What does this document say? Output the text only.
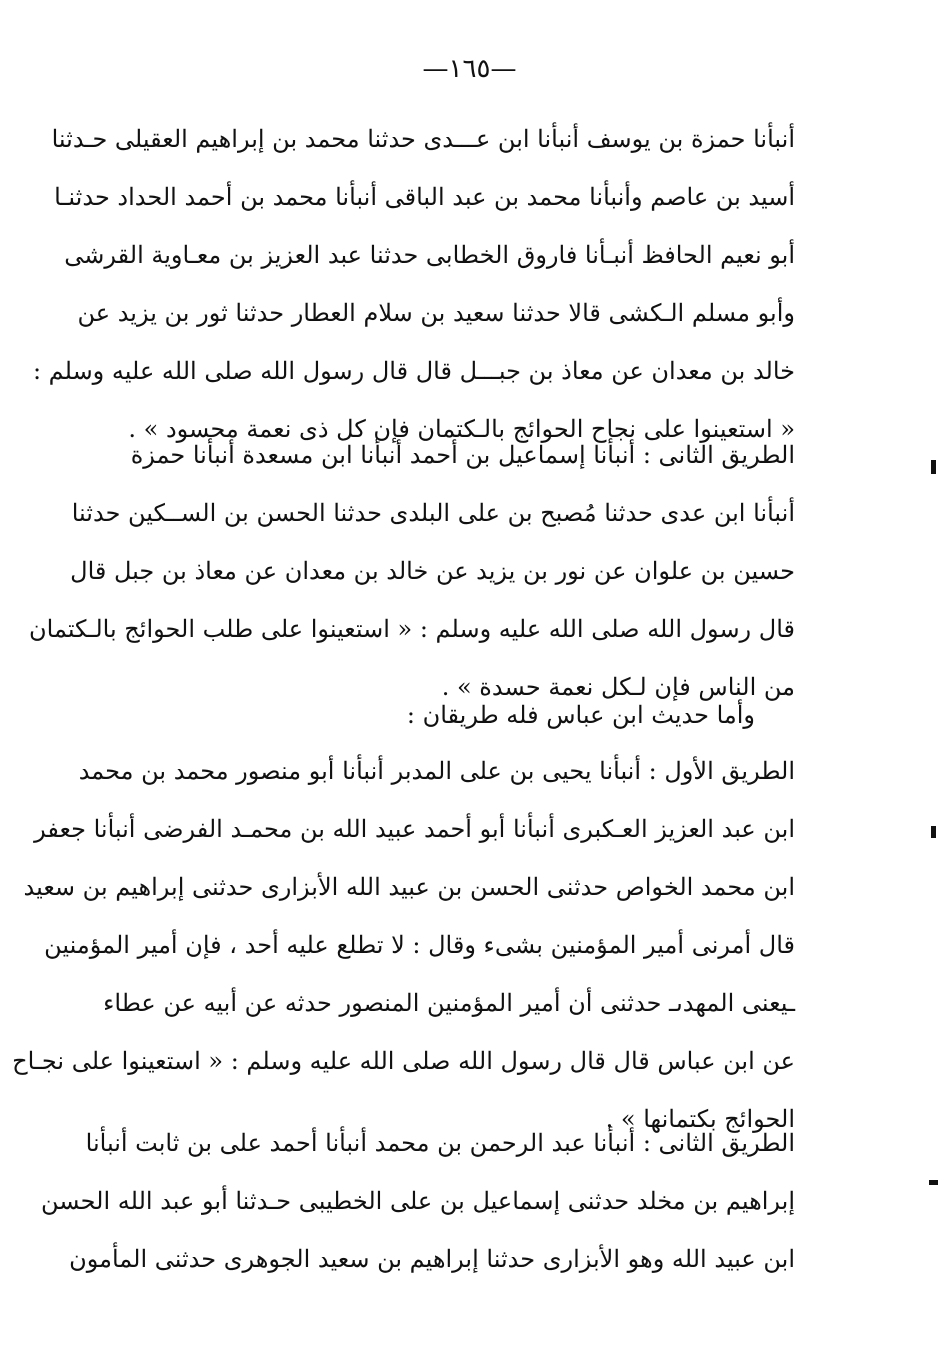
—١٦٥—
أنبأنا حمزة بن يوسف أنبأنا ابن عـــدى حدثنا محمد بن إبراهيم العقيلى حـدثنا
أسيد بن عاصم وأنبأنا محمد بن عبد الباقى أنبأنا محمد بن أحمد الحداد حدثنـا
أبو نعيم الحافظ أنبـأنا فاروق الخطابى حدثنا عبد العزيز بن معـاوية القرشى
وأبو مسلم الـكشى قالا حدثنا سعيد بن سلام العطار حدثنا ثور بن يزيد عن
خالد بن معدان عن معاذ بن جبـــل قال قال رسول الله صلى الله عليه وسلم :
« استعينوا على نجاح الحوائج بالـكتمان فإن كل ذى نعمة محسود » .
الطريق الثانى : أنبأنا إسماعيل بن أحمد أنبأنا ابن مسعدة أنبأنا حمزة
أنبأنا ابن عدى حدثنا مُصبح بن على البلدى حدثنا الحسن بن الســكين حدثنا
حسين بن علوان عن نور بن يزيد عن خالد بن معدان عن معاذ بن جبل قال
قال رسول الله صلى الله عليه وسلم : « استعينوا على طلب الحوائج بالـكتمان
من الناس فإن لـكل نعمة حسدة » .
وأما حديث ابن عباس فله طريقان :
الطريق الأول : أنبأنا يحيى بن على المدبر أنبأنا أبو منصور محمد بن محمد
ابن عبد العزيز العـكبرى أنبأنا أبو أحمد عبيد الله بن محمـد الفرضى أنبأنا جعفر
ابن محمد الخواص حدثنى الحسن بن عبيد الله الأبزارى حدثنى إبراهيم بن سعيد
قال أمرنى أمير المؤمنين بشىء وقال : لا تطلع عليه أحد ، فإن أمير المؤمنين
ـيعنى المهدىـ حدثنى أن أمير المؤمنين المنصور حدثه عن أبيه عن عطاء
عن ابن عباس قال قال رسول الله صلى الله عليه وسلم : « استعينوا على نجـاح
الحوائج بكتمانها » .
الطريق الثانى : أنبأنا عبد الرحمن بن محمد أنبأنا أحمد على بن ثابت أنبأنا
إبراهيم بن مخلد حدثنى إسماعيل بن على الخطيبى حـدثنا أبو عبد الله الحسن
ابن عبيد الله وهو الأبزارى حدثنا إبراهيم بن سعيد الجوهرى حدثنى المأمون
